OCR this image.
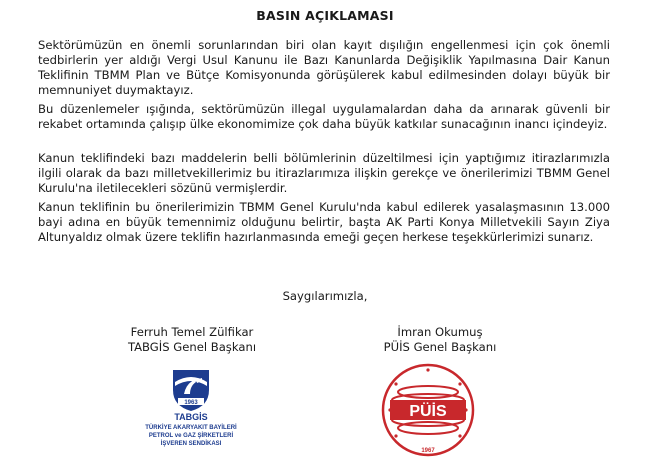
BASIN AÇIKLAMASI
Sektörümüzün en önemli sorunlarından biri olan kayıt dışılığın engellenmesi için çok önemli tedbirlerin yer aldığı Vergi Usul Kanunu ile Bazı Kanunlarda Değişiklik Yapılmasına Dair Kanun Teklifinin TBMM Plan ve Bütçe Komisyonunda görüşülerek kabul edilmesinden dolayı büyük bir memnuniyet duymaktayız.
Bu düzenlemeler ışığında, sektörümüzün illegal uygulamalardan daha da arınarak güvenli bir rekabet ortamında çalışıp ülke ekonomimize çok daha büyük katkılar sunacağının inancı içindeyiz.
Kanun teklifindeki bazı maddelerin belli bölümlerinin düzeltilmesi için yaptığımız itirazlarımızla ilgili olarak da bazı milletvekillerimiz bu itirazlarımıza ilişkin gerekçe ve önerilerimizi TBMM Genel Kurulu'na iletilecekleri sözünü vermişlerdir.
Kanun teklifinin bu önerilerimizin TBMM Genel Kurulu'nda kabul edilerek yasalaşmasının 13.000 bayi adına en büyük temennimiz olduğunu belirtir, başta AK Parti Konya Milletvekili Sayın Ziya Altunyaldız olmak üzere teklifin hazırlanmasında emeği geçen herkese teşekkürlerimizi sunarız.
Saygılarımızla,
Ferruh Temel Zülfikar
TABGİS Genel Başkanı
İmran Okumuş
PÜİS Genel Başkanı
1963
TABGİS
TÜRKİYE AKARYAKIT BAYİLERİ
PETROL ve GAZ ŞİRKETLERİ
İŞVEREN SENDİKASI
PÜİS
1967
